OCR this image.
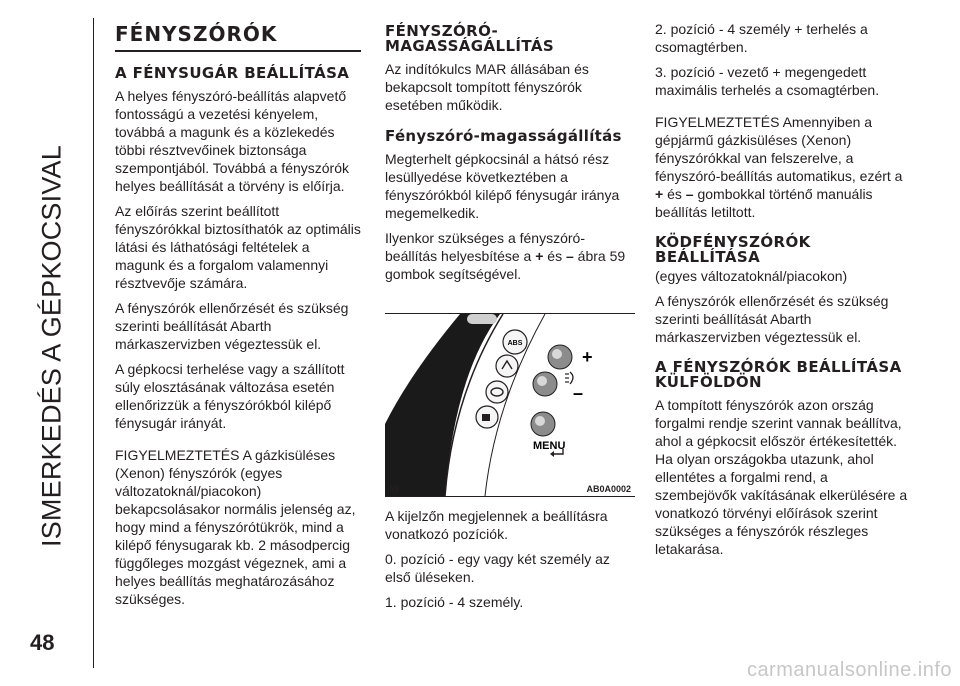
ISMERKEDÉS A GÉPKOCSIVAL
48
FÉNYSZÓRÓK
A FÉNYSUGÁR BEÁLLÍTÁSA

A helyes fényszóró-beállítás alapvető fontosságú a vezetési kényelem, továbbá a magunk és a közlekedés többi résztvevőinek biztonsága szempontjából. Továbbá a fényszórók helyes beállítását a törvény is előírja.

Az előírás szerint beállított fényszórókkal biztosíthatók az optimális látási és láthatósági feltételek a magunk és a forgalom valamennyi résztvevője számára.

A fényszórók ellenőrzését és szükség szerinti beállítását Abarth márkaszervizben végeztessük el.

A gépkocsi terhelése vagy a szállított súly elosztásának változása esetén ellenőrizzük a fényszórókból kilépő fénysugár irányát.

FIGYELMEZTETÉS A gázkisüléses (Xenon) fényszórók (egyes változatoknál/piacokon) bekapcsolásakor normális jelenség az, hogy mind a fényszórótükrök, mind a kilépő fénysugarak kb. 2 másodpercig függőleges mozgást végeznek, ami a helyes beállítás meghatározásához szükséges.

FÉNYSZÓRÓ-MAGASSÁGÁLLÍTÁS

Az indítókulcs MAR állásában és bekapcsolt tompított fényszórók esetében működik.

Fényszóró-magasságállítás

Megterhelt gépkocsinál a hátsó rész lesüllyedése következtében a fényszórókból kilépő fénysugár iránya megemelkedik.

Ilyenkor szükséges a fényszóró-beállítás helyesbítése a + és – ábra 59 gombok segítségével.

ABS
+
–
MENU
59	AB0A0002

A kijelzőn megjelennek a beállításra vonatkozó pozíciók.

0. pozíció - egy vagy két személy az első üléseken.

1. pozíció - 4 személy.

2. pozíció - 4 személy + terhelés a csomagtérben.

3. pozíció - vezető + megengedett maximális terhelés a csomagtérben.

FIGYELMEZTETÉS Amennyiben a gépjármű gázkisüléses (Xenon) fényszórókkal van felszerelve, a fényszóró-beállítás automatikus, ezért a + és – gombokkal történő manuális beállítás letiltott.

KÖDFÉNYSZÓRÓK BEÁLLÍTÁSA

(egyes változatoknál/piacokon)

A fényszórók ellenőrzését és szükség szerinti beállítását Abarth márkaszervizben végeztessük el.

A FÉNYSZÓRÓK BEÁLLÍTÁSA KÜLFÖLDÖN

A tompított fényszórók azon ország forgalmi rendje szerint vannak beállítva, ahol a gépkocsit először értékesítették. Ha olyan országokba utazunk, ahol ellentétes a forgalmi rend, a szembejövők vakításának elkerülésére a vonatkozó törvényi előírások szerint szükséges a fényszórók részleges letakarása.

carmanualsonline.info
